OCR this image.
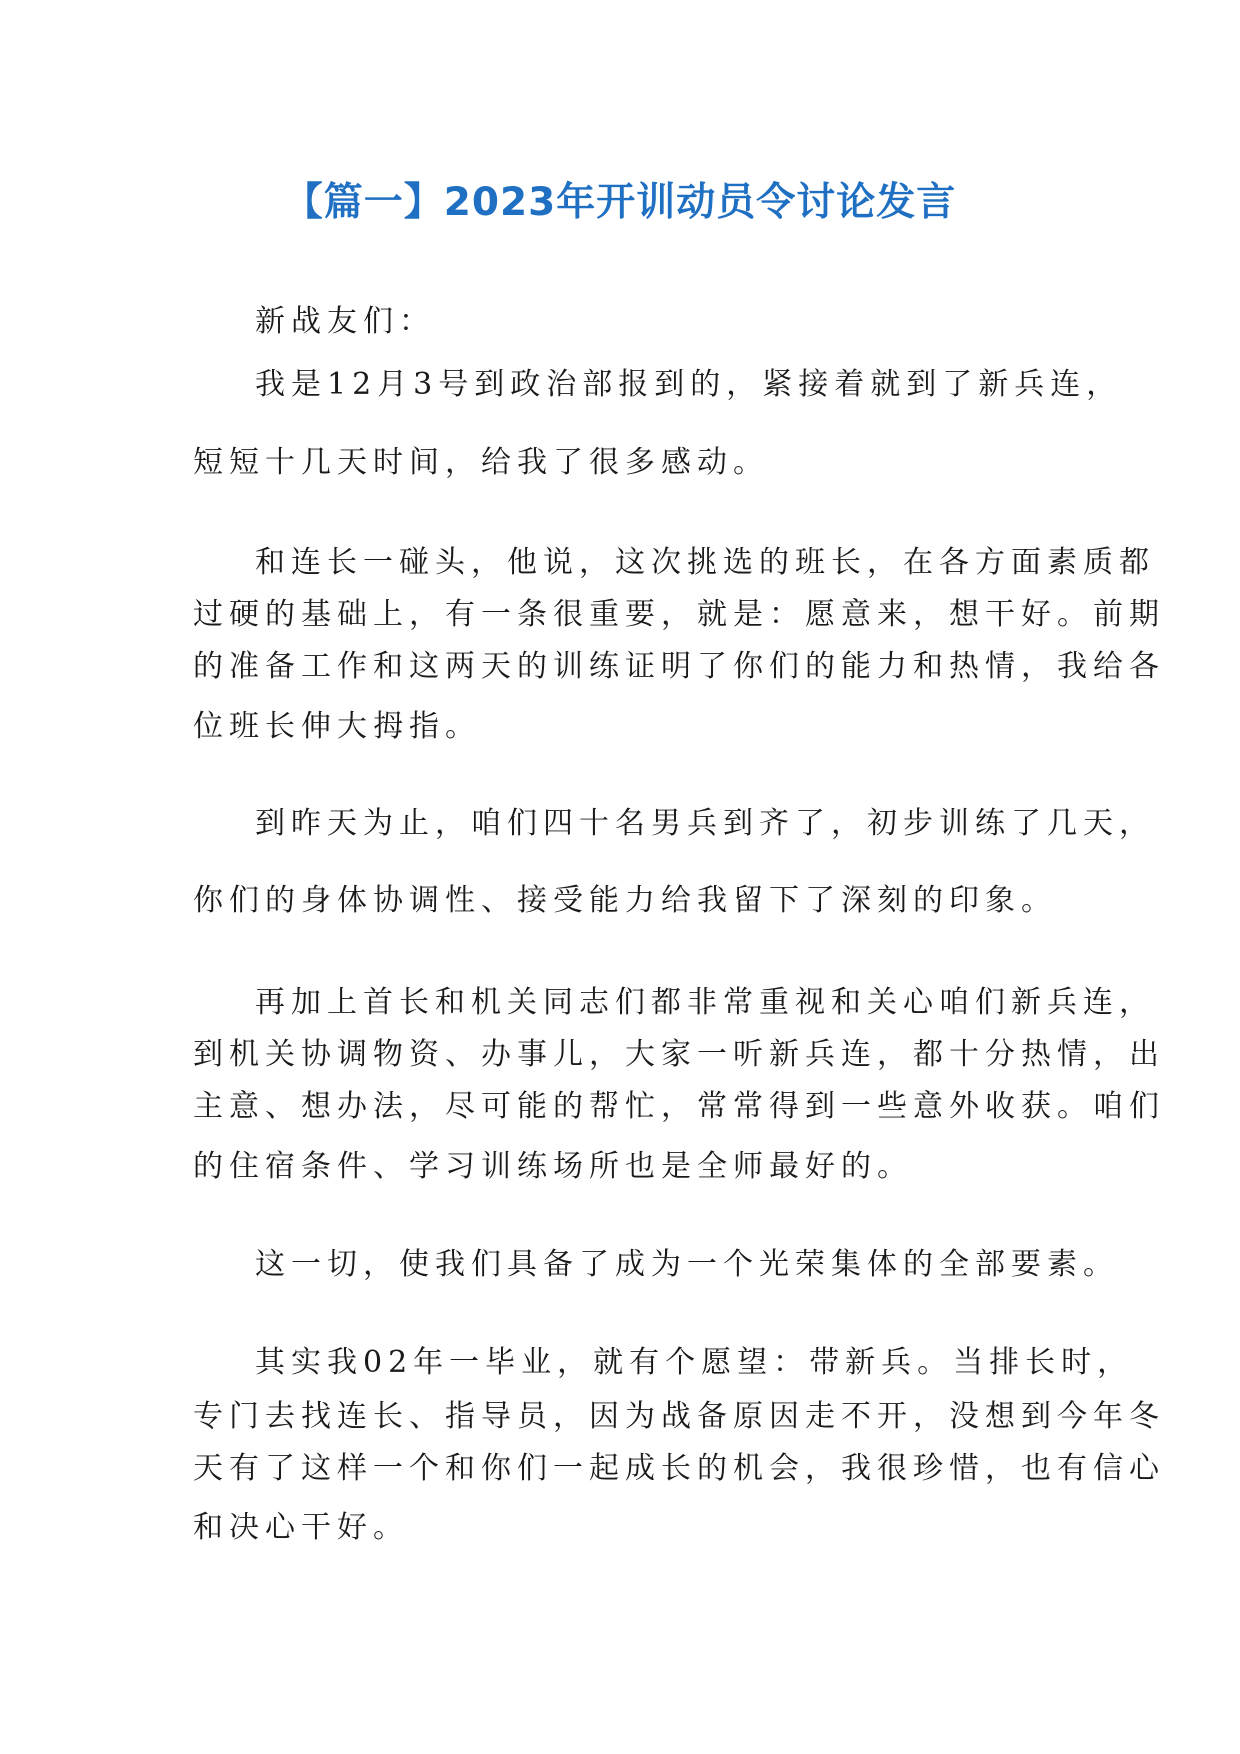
【篇一】2023年开训动员令讨论发言
新战友们：
我是12月3号到政治部报到的，紧接着就到了新兵连，
短短十几天时间，给我了很多感动。
和连长一碰头，他说，这次挑选的班长，在各方面素质都
过硬的基础上，有一条很重要，就是：愿意来，想干好。前期
的准备工作和这两天的训练证明了你们的能力和热情，我给各
位班长伸大拇指。
到昨天为止，咱们四十名男兵到齐了，初步训练了几天，
你们的身体协调性、接受能力给我留下了深刻的印象。
再加上首长和机关同志们都非常重视和关心咱们新兵连，
到机关协调物资、办事儿，大家一听新兵连，都十分热情，出
主意、想办法，尽可能的帮忙，常常得到一些意外收获。咱们
的住宿条件、学习训练场所也是全师最好的。
这一切，使我们具备了成为一个光荣集体的全部要素。
其实我02年一毕业，就有个愿望：带新兵。当排长时，
专门去找连长、指导员，因为战备原因走不开，没想到今年冬
天有了这样一个和你们一起成长的机会，我很珍惜，也有信心
和决心干好。
